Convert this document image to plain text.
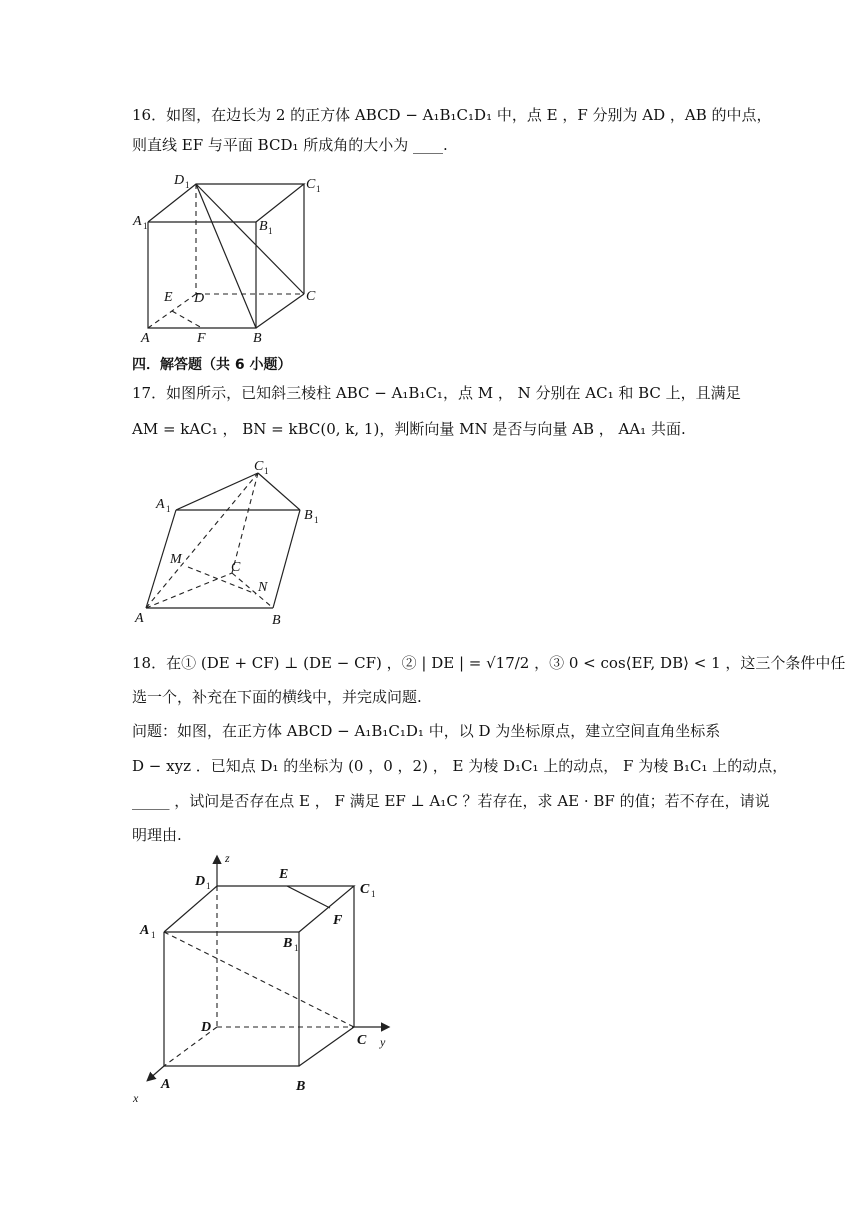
16．如图，在边长为 2 的正方体 ABCD − A₁B₁C₁D₁ 中，点 E ，F 分别为 AD ，AB 的中点，
则直线 EF 与平面 BCD₁ 所成角的大小为 ____.
D 1	C 1
A 1	B 1
E D	C
A	F	B
四．解答题（共 6 小题）
17．如图所示，已知斜三棱柱 ABC − A₁B₁C₁，点 M ， N 分别在 AC₁ 和 BC 上，且满足
AM = kAC₁ ， BN = kBC(0, k, 1)，判断向量 MN 是否与向量 AB ， AA₁ 共面.
C 1
A 1	B 1
M
C
N
A	B
18．在① (DE + CF) ⊥ (DE − CF) ，② | DE | = √17/2 ，③ 0 < cos⟨EF, DB⟩ < 1 ，这三个条件中任
选一个，补充在下面的横线中，并完成问题.
问题：如图，在正方体 ABCD − A₁B₁C₁D₁ 中，以 D 为坐标原点，建立空间直角坐标系
D − xyz ．已知点 D₁ 的坐标为 (0 ，0 ，2) ， E 为棱 D₁C₁ 上的动点， F 为棱 B₁C₁ 上的动点，
_____ ，试问是否存在点 E ， F 满足 EF ⊥ A₁C ？若存在，求 AE · BF 的值；若不存在，请说
明理由.
z
D 1
E
C 1
A 1
F
B 1
D
C y
A	B
x
